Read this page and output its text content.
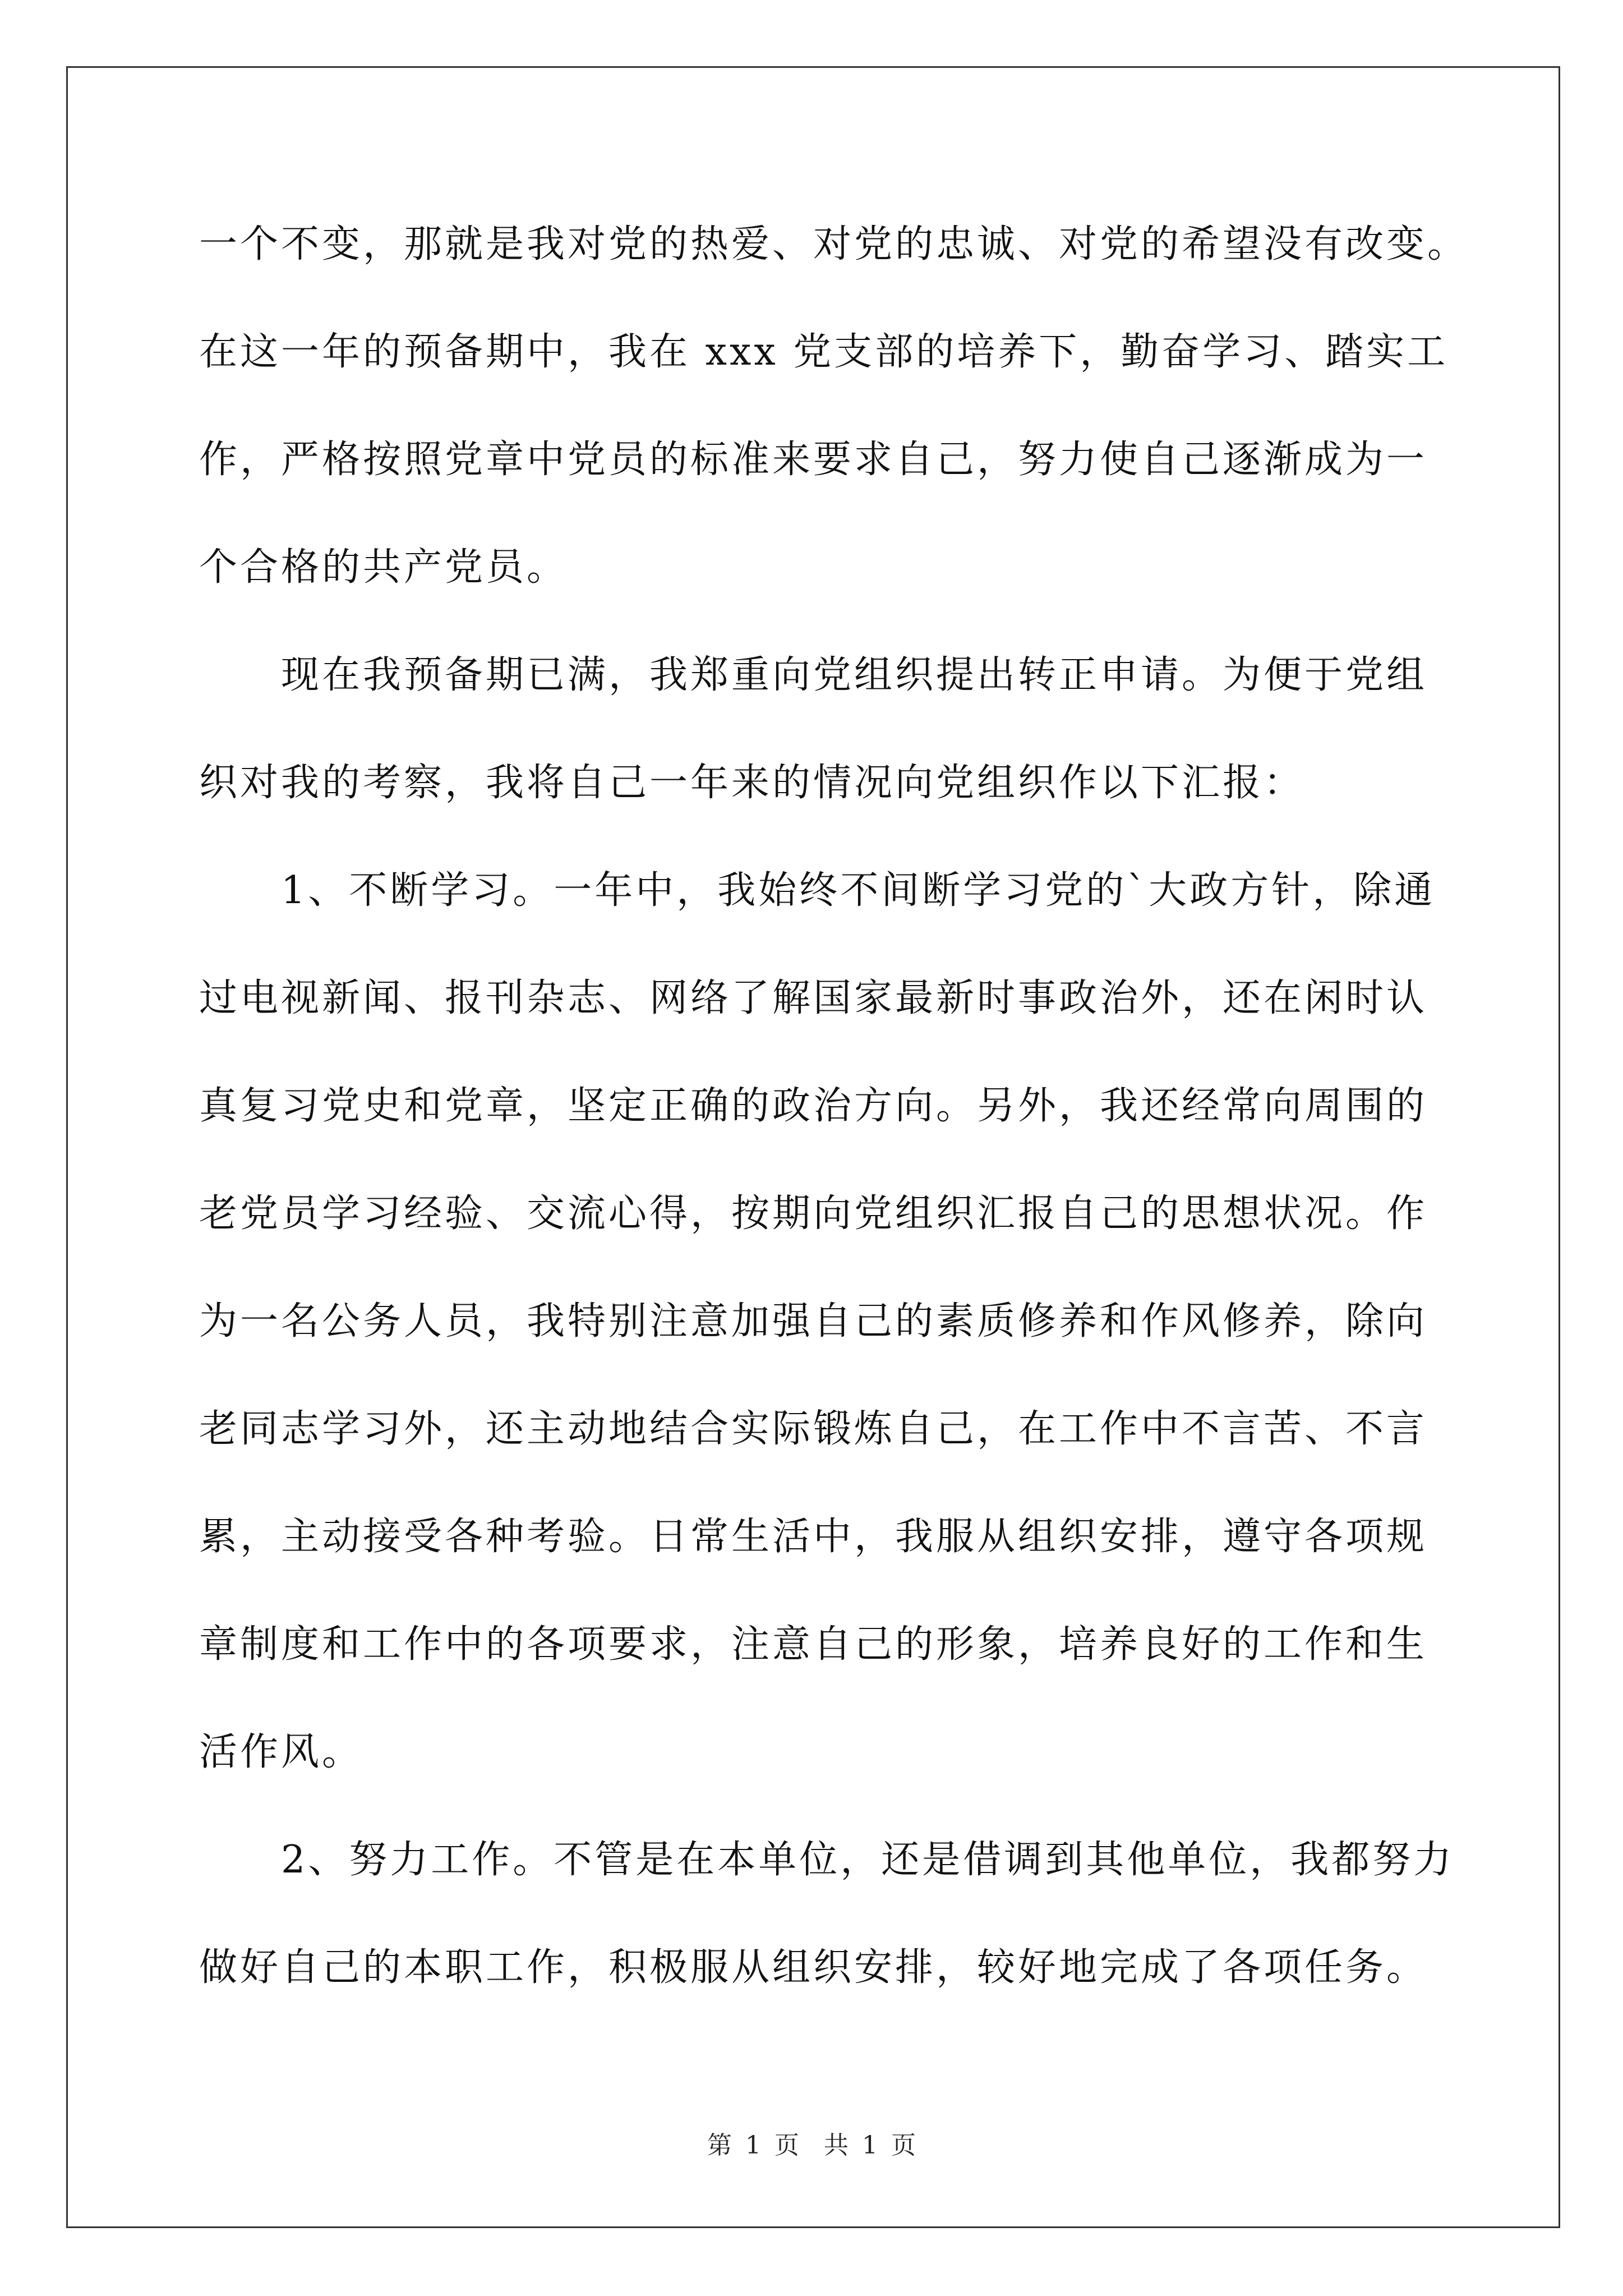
一个不变，那就是我对党的热爱、对党的忠诚、对党的希望没有改变。
在这一年的预备期中，我在 xxx 党支部的培养下，勤奋学习、踏实工
作，严格按照党章中党员的标准来要求自己，努力使自己逐渐成为一
个合格的共产党员。
　　现在我预备期已满，我郑重向党组织提出转正申请。为便于党组
织对我的考察，我将自己一年来的情况向党组织作以下汇报：
　　1、不断学习。一年中，我始终不间断学习党的`大政方针，除通
过电视新闻、报刊杂志、网络了解国家最新时事政治外，还在闲时认
真复习党史和党章，坚定正确的政治方向。另外，我还经常向周围的
老党员学习经验、交流心得，按期向党组织汇报自己的思想状况。作
为一名公务人员，我特别注意加强自己的素质修养和作风修养，除向
老同志学习外，还主动地结合实际锻炼自己，在工作中不言苦、不言
累，主动接受各种考验。日常生活中，我服从组织安排，遵守各项规
章制度和工作中的各项要求，注意自己的形象，培养良好的工作和生
活作风。
　　2、努力工作。不管是在本单位，还是借调到其他单位，我都努力
做好自己的本职工作，积极服从组织安排，较好地完成了各项任务。
第 1 页　共 1 页
